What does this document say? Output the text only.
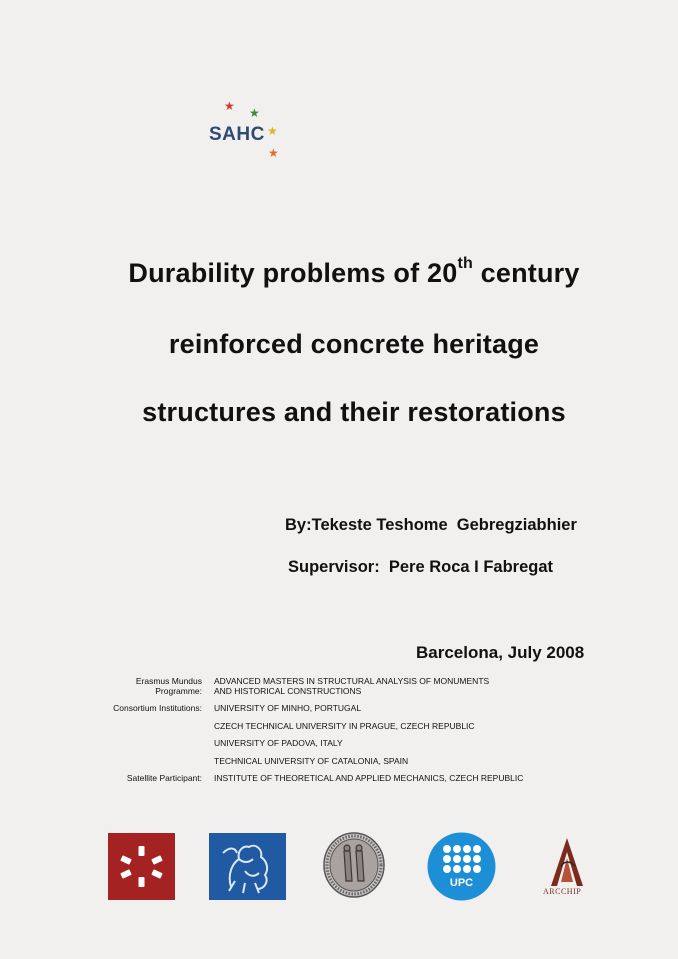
★ ★
★
★
SAHC
Durability problems of 20th century
reinforced concrete heritage
structures and their restorations
By:Tekeste Teshome  Gebregziabhier
Supervisor:  Pere Roca I Fabregat
Barcelona, July 2008
Erasmus Mundus
Programme:
ADVANCED MASTERS IN STRUCTURAL ANALYSIS OF MONUMENTS
AND HISTORICAL CONSTRUCTIONS
Consortium Institutions: UNIVERSITY OF MINHO, PORTUGAL
CZECH TECHNICAL UNIVERSITY IN PRAGUE, CZECH REPUBLIC
UNIVERSITY OF PADOVA, ITALY
TECHNICAL UNIVERSITY OF CATALONIA, SPAIN
Satellite Participant: INSTITUTE OF THEORETICAL AND APPLIED MECHANICS, CZECH REPUBLIC
UPC
ARCCHIP
